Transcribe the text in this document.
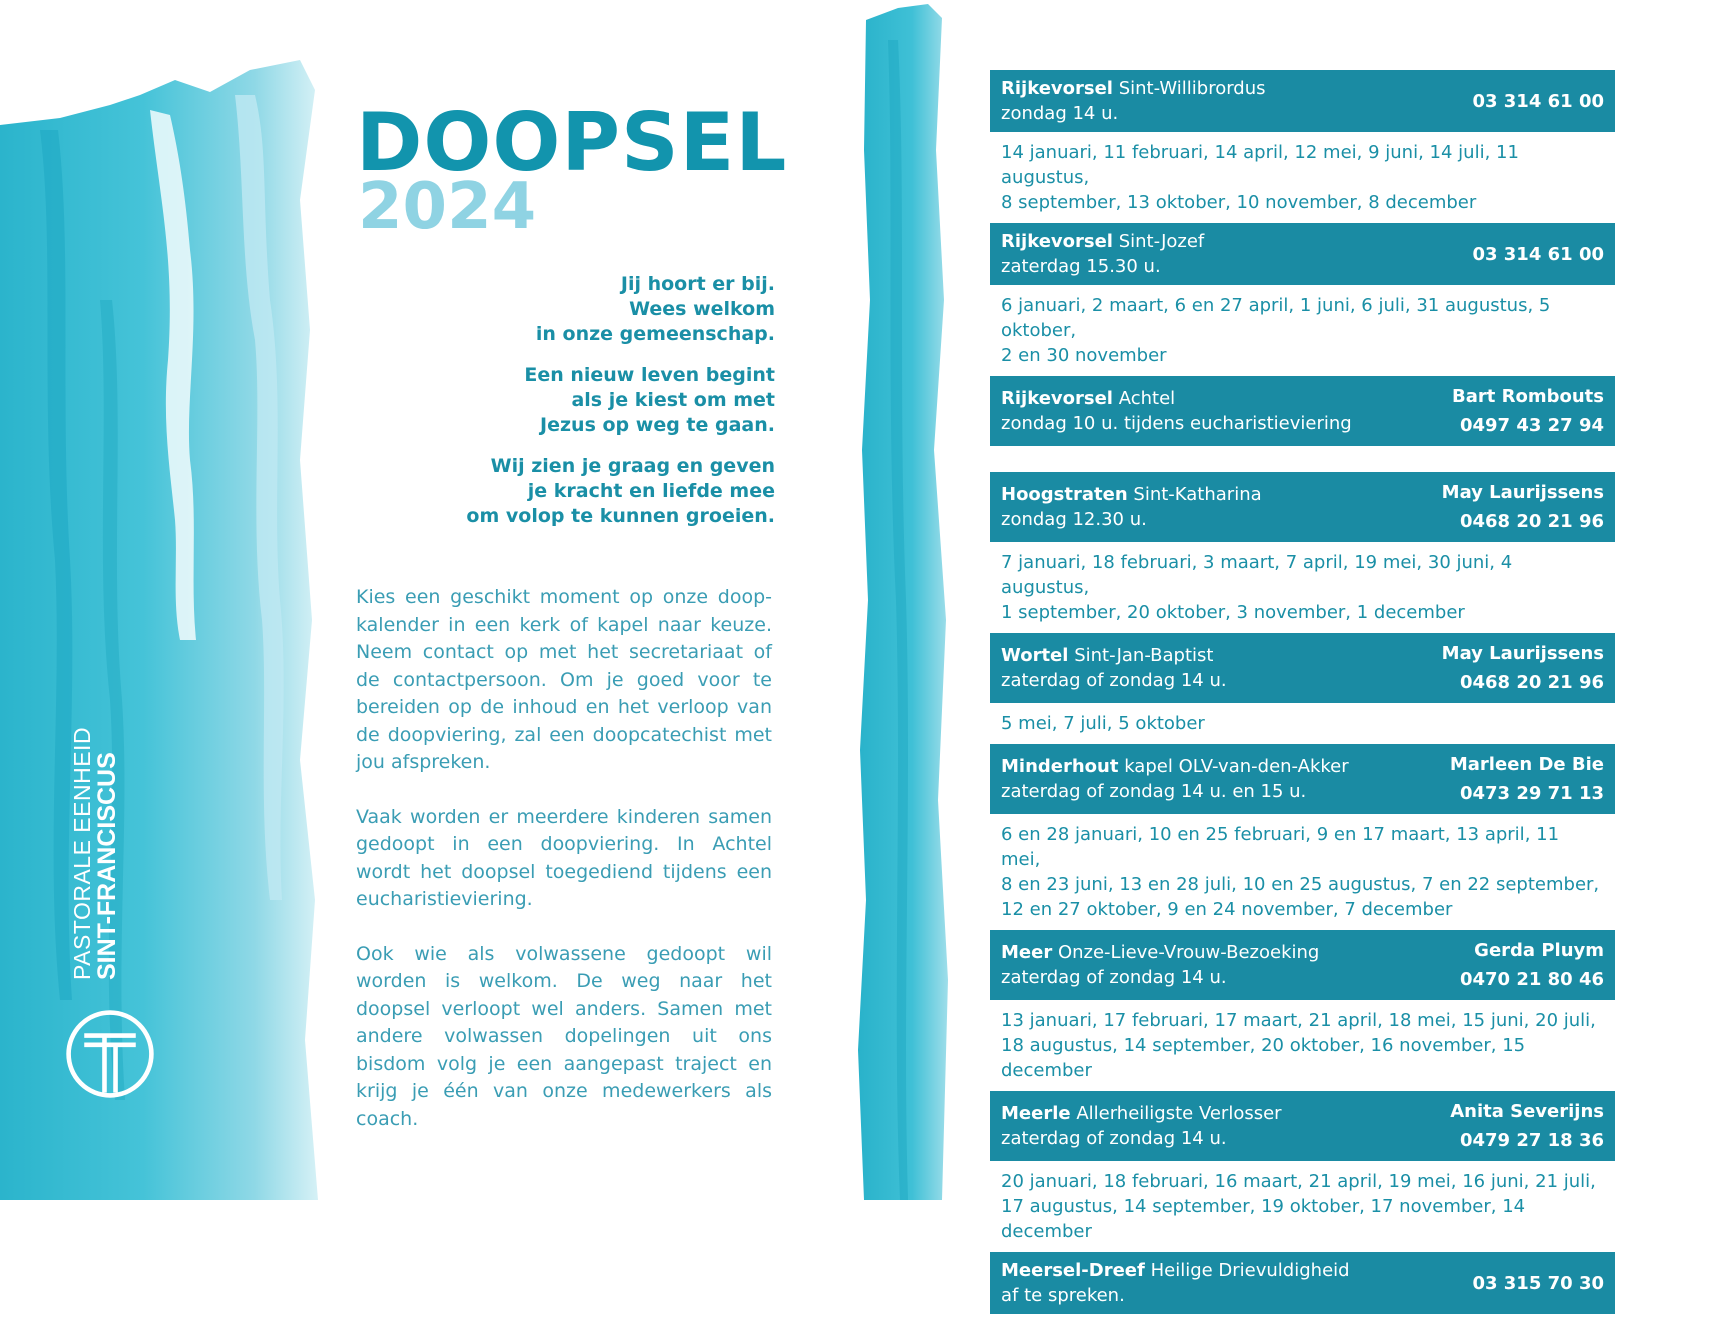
PASTORALE EENHEID
SINT-FRANCISCUS
DOOPSEL
2024

Jij hoort er bij.
Wees welkom
in onze gemeenschap.

Een nieuw leven begint
als je kiest om met
Jezus op weg te gaan.

Wij zien je graag en geven
je kracht en liefde mee
om volop te kunnen groeien.

Kies een geschikt moment op onze doop-kalender in een kerk of kapel naar keuze. Neem contact op met het secretariaat of de contactpersoon. Om je goed voor te bereiden op de inhoud en het verloop van de doopviering, zal een doopcatechist met jou afspreken.

Vaak worden er meerdere kinderen samen gedoopt in een doopviering. In Achtel wordt het doopsel toegediend tijdens een eucharistieviering.

Ook wie als volwassene gedoopt wil worden is welkom. De weg naar het doopsel verloopt wel anders. Samen met andere volwassen dopelingen uit ons bisdom volg je een aangepast traject en krijg je één van onze medewerkers als coach.

Rijkevorsel Sint-Willibrordus
zondag 14 u.
03 314 61 00
14 januari, 11 februari, 14 april, 12 mei, 9 juni, 14 juli, 11 augustus,
8 september, 13 oktober, 10 november, 8 december
Rijkevorsel Sint-Jozef
zaterdag 15.30 u.
03 314 61 00
6 januari, 2 maart, 6 en 27 april, 1 juni, 6 juli, 31 augustus, 5 oktober,
2 en 30 november
Rijkevorsel Achtel
zondag 10 u. tijdens eucharistieviering
Bart Rombouts
0497 43 27 94
Hoogstraten Sint-Katharina
zondag 12.30 u.
May Laurijssens
0468 20 21 96
7 januari, 18 februari, 3 maart, 7 april, 19 mei, 30 juni, 4 augustus,
1 september, 20 oktober, 3 november, 1 december
Wortel Sint-Jan-Baptist
zaterdag of zondag 14 u.
May Laurijssens
0468 20 21 96
5 mei, 7 juli, 5 oktober
Minderhout kapel OLV-van-den-Akker
zaterdag of zondag 14 u. en 15 u.
Marleen De Bie
0473 29 71 13
6 en 28 januari, 10 en 25 februari, 9 en 17 maart, 13 april, 11 mei,
8 en 23 juni, 13 en 28 juli, 10 en 25 augustus, 7 en 22 september,
12 en 27 oktober, 9 en 24 november, 7 december
Meer Onze-Lieve-Vrouw-Bezoeking
zaterdag of zondag 14 u.
Gerda Pluym
0470 21 80 46
13 januari, 17 februari, 17 maart, 21 april, 18 mei, 15 juni, 20 juli,
18 augustus, 14 september, 20 oktober, 16 november, 15 december
Meerle Allerheiligste Verlosser
zaterdag of zondag 14 u.
Anita Severijns
0479 27 18 36
20 januari, 18 februari, 16 maart, 21 april, 19 mei, 16 juni, 21 juli,
17 augustus, 14 september, 19 oktober, 17 november, 14 december
Meersel-Dreef Heilige Drievuldigheid
af te spreken.
03 315 70 30
